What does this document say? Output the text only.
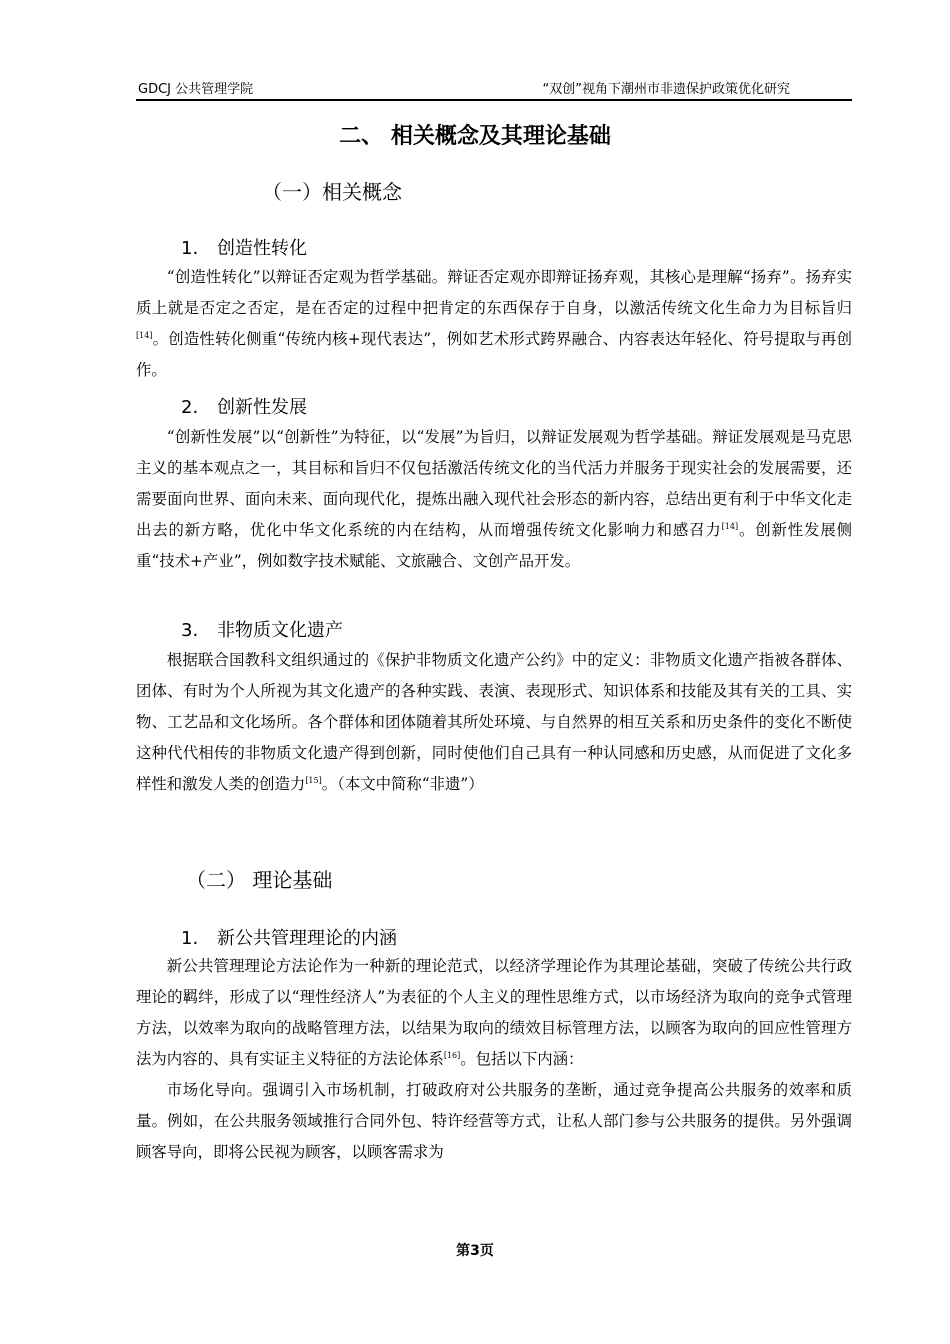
GDCJ 公共管理学院	“双创”视角下潮州市非遗保护政策优化研究
二、 相关概念及其理论基础
（一）相关概念
1. 创造性转化

“创造性转化”以辩证否定观为哲学基础。辩证否定观亦即辩证扬弃观，其核心是理解“扬弃”。扬弃实质上就是否定之否定，是在否定的过程中把肯定的东西保存于自身，以激活传统文化生命力为目标旨归[14]。创造性转化侧重“传统内核+现代表达”，例如艺术形式跨界融合、内容表达年轻化、符号提取与再创作。

2. 创新性发展

“创新性发展”以“创新性”为特征，以“发展”为旨归，以辩证发展观为哲学基础。辩证发展观是马克思主义的基本观点之一，其目标和旨归不仅包括激活传统文化的当代活力并服务于现实社会的发展需要，还需要面向世界、面向未来、面向现代化，提炼出融入现代社会形态的新内容，总结出更有利于中华文化走出去的新方略，优化中华文化系统的内在结构，从而增强传统文化影响力和感召力[14]。创新性发展侧重“技术+产业”，例如数字技术赋能、文旅融合、文创产品开发。

3. 非物质文化遗产

根据联合国教科文组织通过的《保护非物质文化遗产公约》中的定义：非物质文化遗产指被各群体、团体、有时为个人所视为其文化遗产的各种实践、表演、表现形式、知识体系和技能及其有关的工具、实物、工艺品和文化场所。各个群体和团体随着其所处环境、与自然界的相互关系和历史条件的变化不断使这种代代相传的非物质文化遗产得到创新，同时使他们自己具有一种认同感和历史感，从而促进了文化多样性和激发人类的创造力[15]。（本文中简称“非遗”）

（二） 理论基础
1. 新公共管理理论的内涵

新公共管理理论方法论作为一种新的理论范式，以经济学理论作为其理论基础，突破了传统公共行政理论的羁绊，形成了以“理性经济人”为表征的个人主义的理性思维方式，以市场经济为取向的竞争式管理方法，以效率为取向的战略管理方法，以结果为取向的绩效目标管理方法，以顾客为取向的回应性管理方法为内容的、具有实证主义特征的方法论体系[16]。包括以下内涵：

市场化导向。强调引入市场机制，打破政府对公共服务的垄断，通过竞争提高公共服务的效率和质量。例如，在公共服务领域推行合同外包、特许经营等方式，让私人部门参与公共服务的提供。另外强调顾客导向，即将公民视为顾客，以顾客需求为

第3页
